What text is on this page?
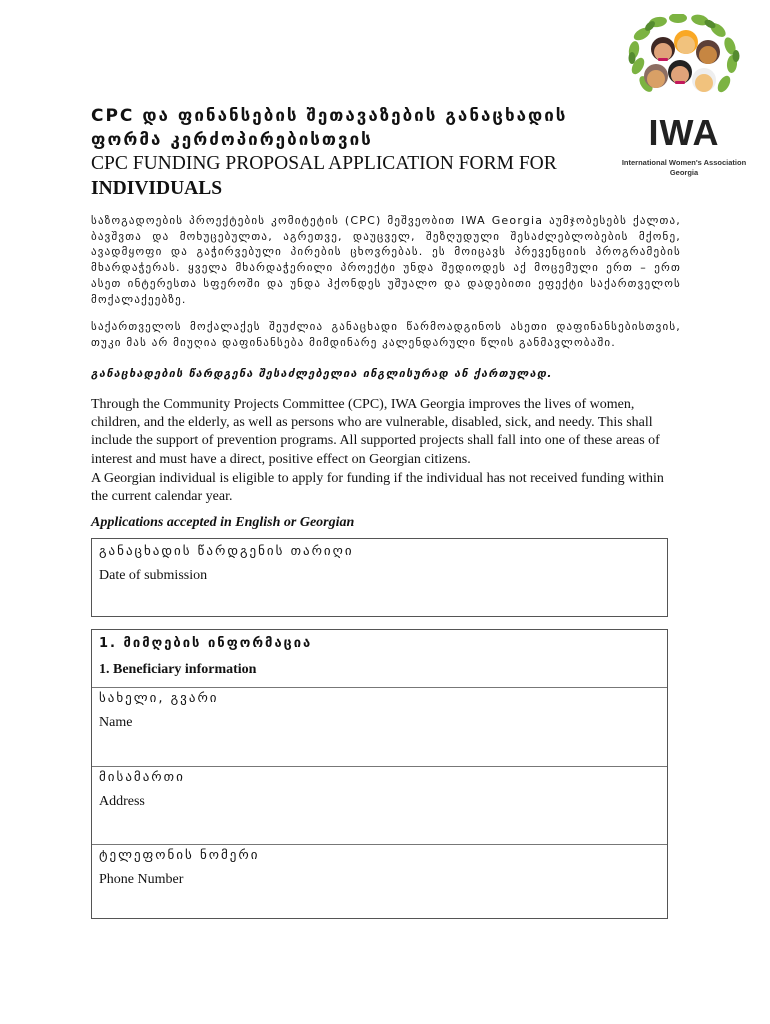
IWA
International Women's Association
Georgia
CPC და ფინანსების შეთავაზების განაცხადის
ფორმა კერძოპირებისთვის
CPC FUNDING PROPOSAL APPLICATION FORM FOR
INDIVIDUALS
საზოგადოების პროექტების კომიტეტის (CPC) მეშვეობით IWA Georgia აუმჯობესებს ქალთა, ბავშვთა და მოხუცებულთა, აგრეთვე, დაუცველ, შეზღუდული შესაძლებლობების მქონე, ავადმყოფი და გაჭირვებული პირების ცხოვრებას. ეს მოიცავს პრევენციის პროგრამების მხარდაჭერას. ყველა მხარდაჭერილი პროექტი უნდა შედიოდეს აქ მოცემული ერთ – ერთ ასეთ ინტერესთა სფეროში და უნდა ჰქონდეს უშუალო და დადებითი ეფექტი საქართველოს მოქალაქეებზე.
საქართველოს მოქალაქეს შეუძლია განაცხადი წარმოადგინოს ასეთი დაფინანსებისთვის, თუკი მას არ მიუღია დაფინანსება მიმდინარე კალენდარული წლის განმავლობაში.
განაცხადების წარდგენა შესაძლებელია ინგლისურად ან ქართულად.
Through the Community Projects Committee (CPC), IWA Georgia improves the lives of women, children, and the elderly, as well as persons who are vulnerable, disabled, sick, and needy. This shall include the support of prevention programs. All supported projects shall fall into one of these areas of interest and must have a direct, positive effect on Georgian citizens.
A Georgian individual is eligible to apply for funding if the individual has not received funding within the current calendar year.
Applications accepted in English or Georgian
განაცხადის წარდგენის თარიღი
Date of submission
1. მიმღების ინფორმაცია
1. Beneficiary information
სახელი, გვარი
Name
მისამართი
Address
ტელეფონის ნომერი
Phone Number
